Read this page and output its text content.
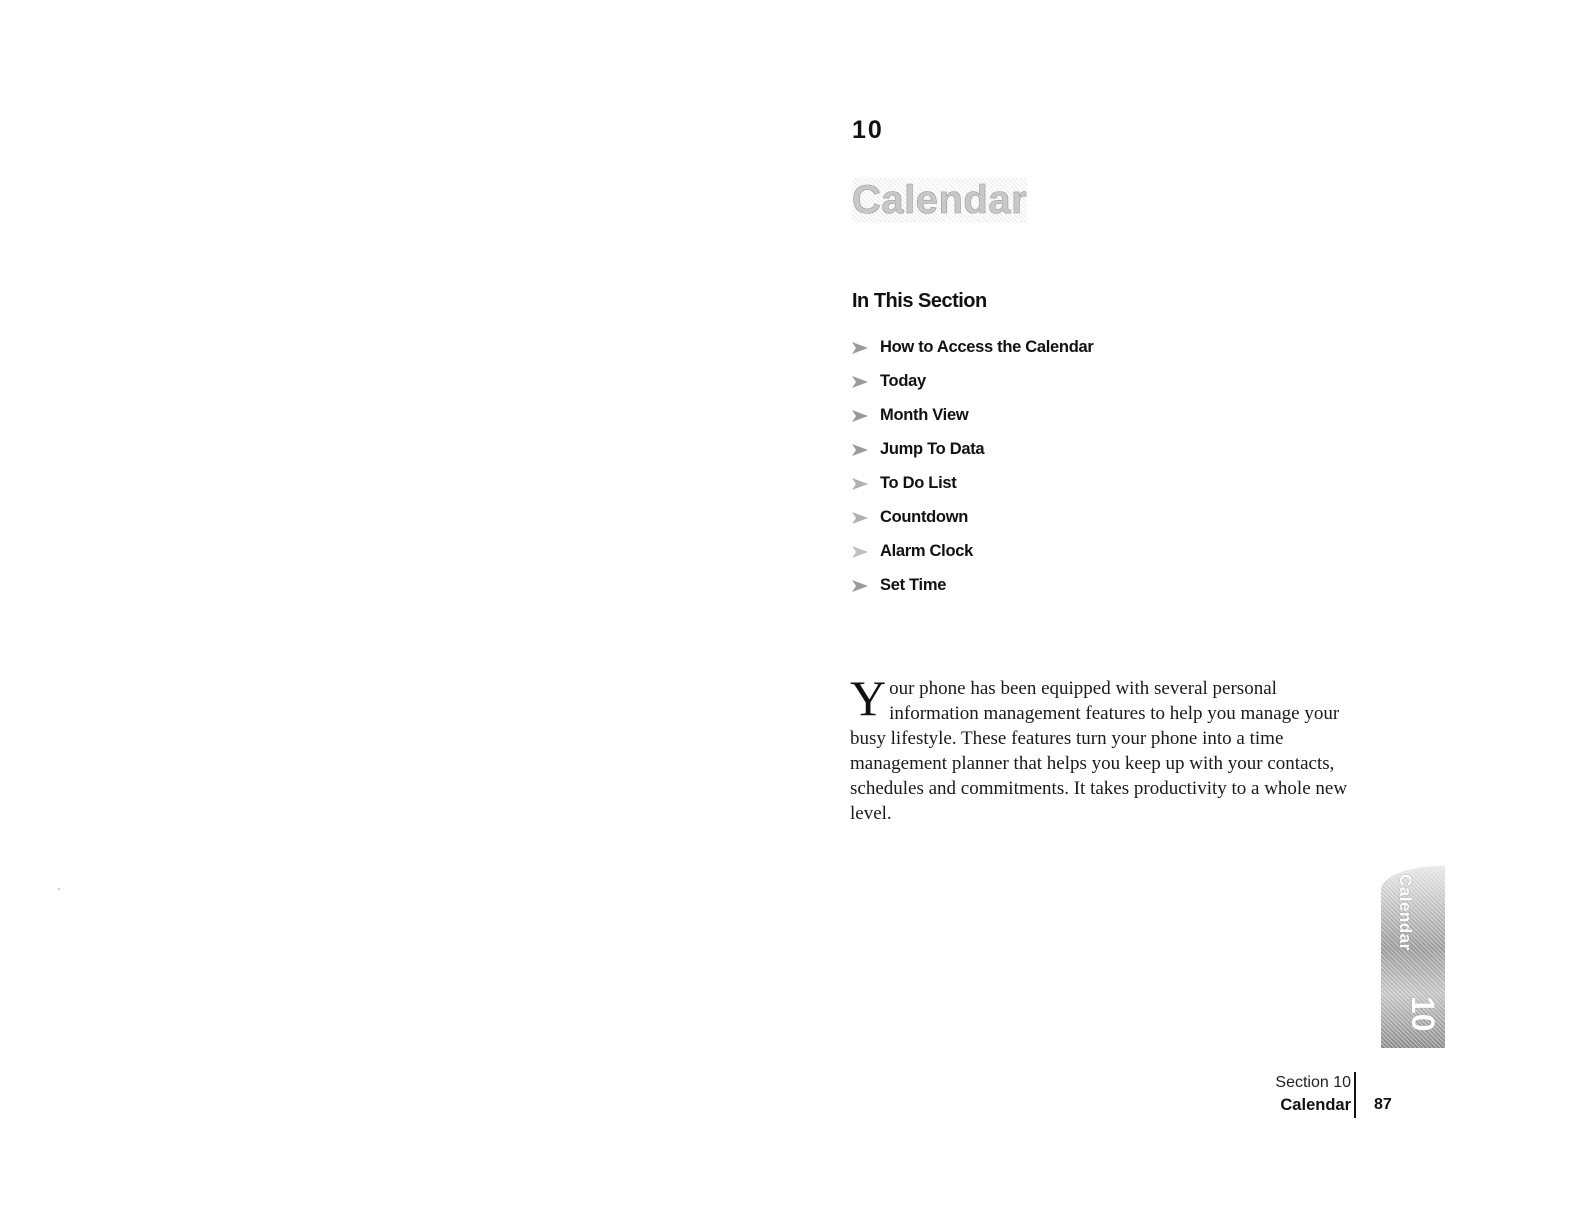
10
Calendar
In This Section
How to Access the Calendar
Today
Month View
Jump To Data
To Do List
Countdown
Alarm Clock
Set Time

Your phone has been equipped with several personal information management features to help you manage your busy lifestyle. These features turn your phone into a time management planner that helps you keep up with your contacts, schedules and commitments. It takes productivity to a whole new level.

Calendar
10
Section 10
Calendar 87
